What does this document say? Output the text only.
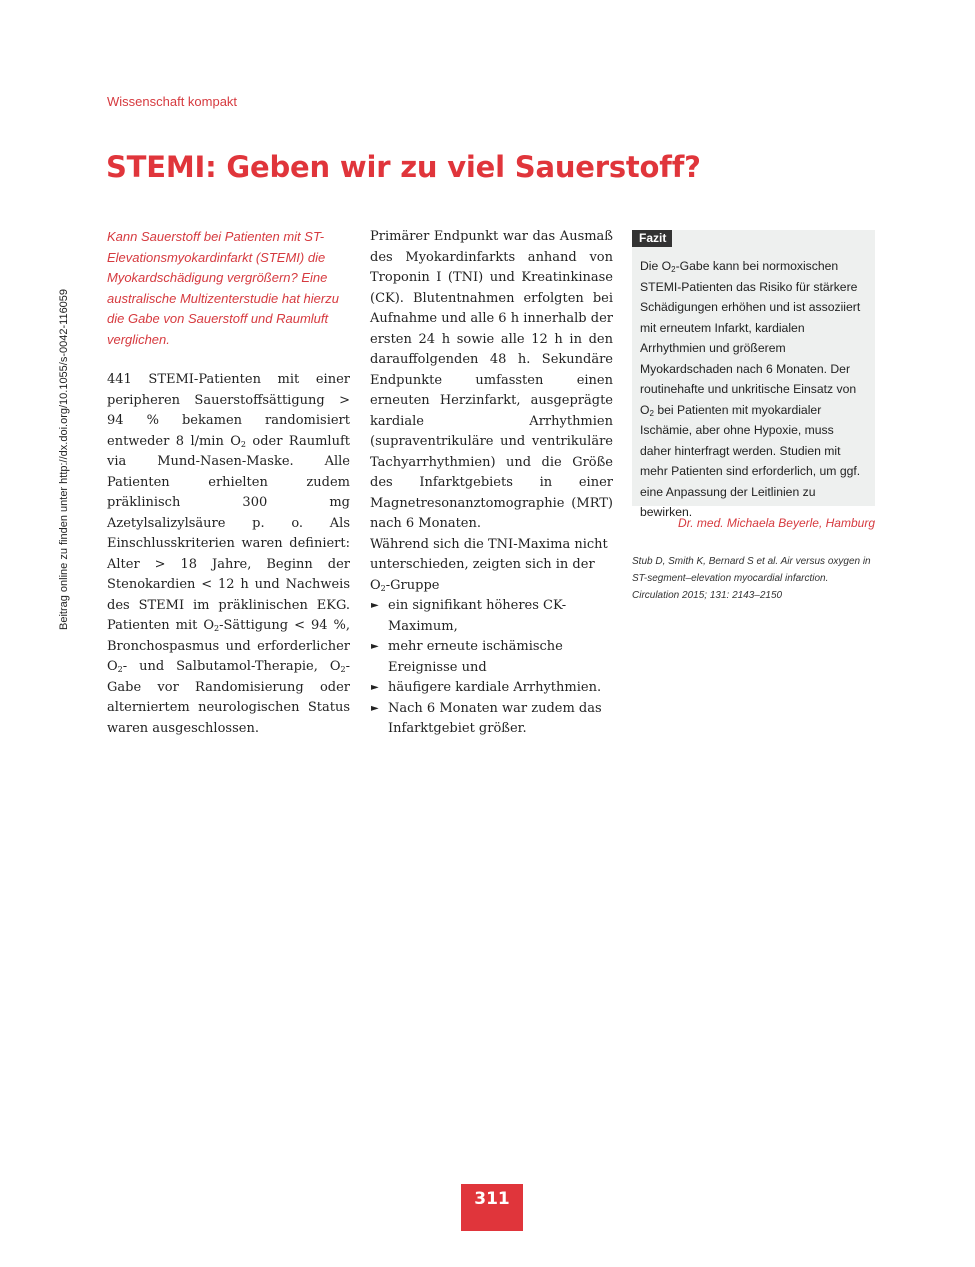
Wissenschaft kompakt
STEMI: Geben wir zu viel Sauerstoff?
Beitrag online zu finden unter http://dx.doi.org/10.1055/s-0042-116059

Kann Sauerstoff bei Patienten mit ST-Elevationsmyokardinfarkt (STEMI) die Myokardschädigung vergrößern? Eine australische Multizenterstudie hat hierzu die Gabe von Sauerstoff und Raumluft verglichen.

441 STEMI-Patienten mit einer peripheren Sauerstoffsättigung > 94 % bekamen randomisiert entweder 8 l/min $O_2$ oder Raumluft via Mund-Nasen-Maske. Alle Patienten erhielten zudem präklinisch 300 mg Azetylsalizylsäure p. o. Als Einschlusskriterien waren definiert: Alter > 18 Jahre, Beginn der Stenokardien < 12 h und Nachweis des STEMI im präklinischen EKG. Patienten mit $O_2$-Sättigung < 94 %, Bronchospasmus und erforderlicher $O_2-$ und Salbutamol-Therapie, $O_2$-Gabe vor Randomisierung oder alterniertem neurologischen Status waren ausgeschlossen.

Primärer Endpunkt war das Ausmaß des Myokardinfarkts anhand von Troponin I (TNI) und Kreatinkinase (CK). Blutentnahmen erfolgten bei Aufnahme und alle 6 h innerhalb der ersten 24 h sowie alle 12 h in den darauffolgenden 48 h. Sekundäre Endpunkte umfassten einen erneuten Herzinfarkt, ausgeprägte kardiale Arrhythmien (supraventrikuläre und ventrikuläre Tachyarrhythmien) und die Größe des Infarktgebiets in einer Magnetresonanztomographie (MRT) nach 6 Monaten.

Während sich die TNI-Maxima nicht unterschieden, zeigten sich in der $O_2$-Gruppe

► ein signifikant höheres CK-Maximum,
► mehr erneute ischämische Ereignisse und
► häufigere kardiale Arrhythmien.
► Nach 6 Monaten war zudem das Infarktgebiet größer.
Fazit

Die $O_2$-Gabe kann bei normoxischen STEMI-Patienten das Risiko für stärkere Schädigungen erhöhen und ist assoziiert mit erneutem Infarkt, kardialen Arrhythmien und größerem Myokardschaden nach 6 Monaten. Der routinehafte und unkritische Einsatz von $O_2$ bei Patienten mit myokardialer Ischämie, aber ohne Hypoxie, muss daher hinterfragt werden. Studien mit mehr Patienten sind erforderlich, um ggf. eine Anpassung der Leitlinien zu bewirken.

Dr. med. Michaela Beyerle, Hamburg

Stub D, Smith K, Bernard S et al. Air versus oxygen in ST-segment–elevation myocardial infarction. Circulation 2015; 131: 2143–2150

311
